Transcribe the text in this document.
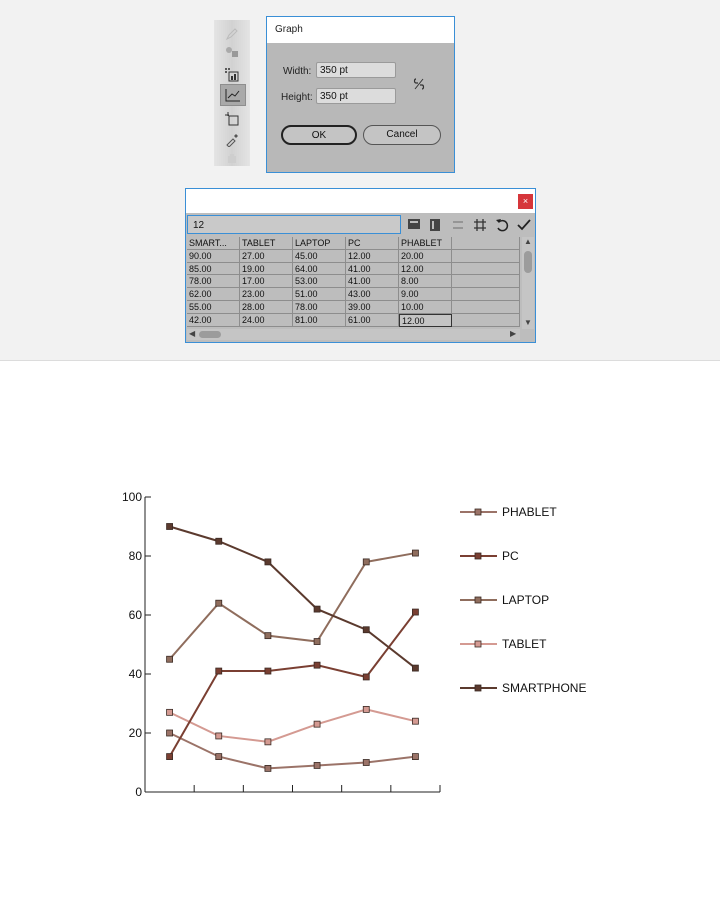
Graph
Width: 350 pt
Height: 350 pt
OK	Cancel
×
12
SMART...	TABLET	LAPTOP	PC	PHABLET
90.00	27.00	45.00	12.00	20.00
85.00	19.00	64.00	41.00	12.00
78.00	17.00	53.00	41.00	8.00
62.00	23.00	51.00	43.00	9.00
55.00	28.00	78.00	39.00	10.00
42.00	24.00	81.00	61.00	12.00
▲
▼
◀	▶
0
20
40
60
80
100
PHABLET
PC
LAPTOP
TABLET
SMARTPHONE
